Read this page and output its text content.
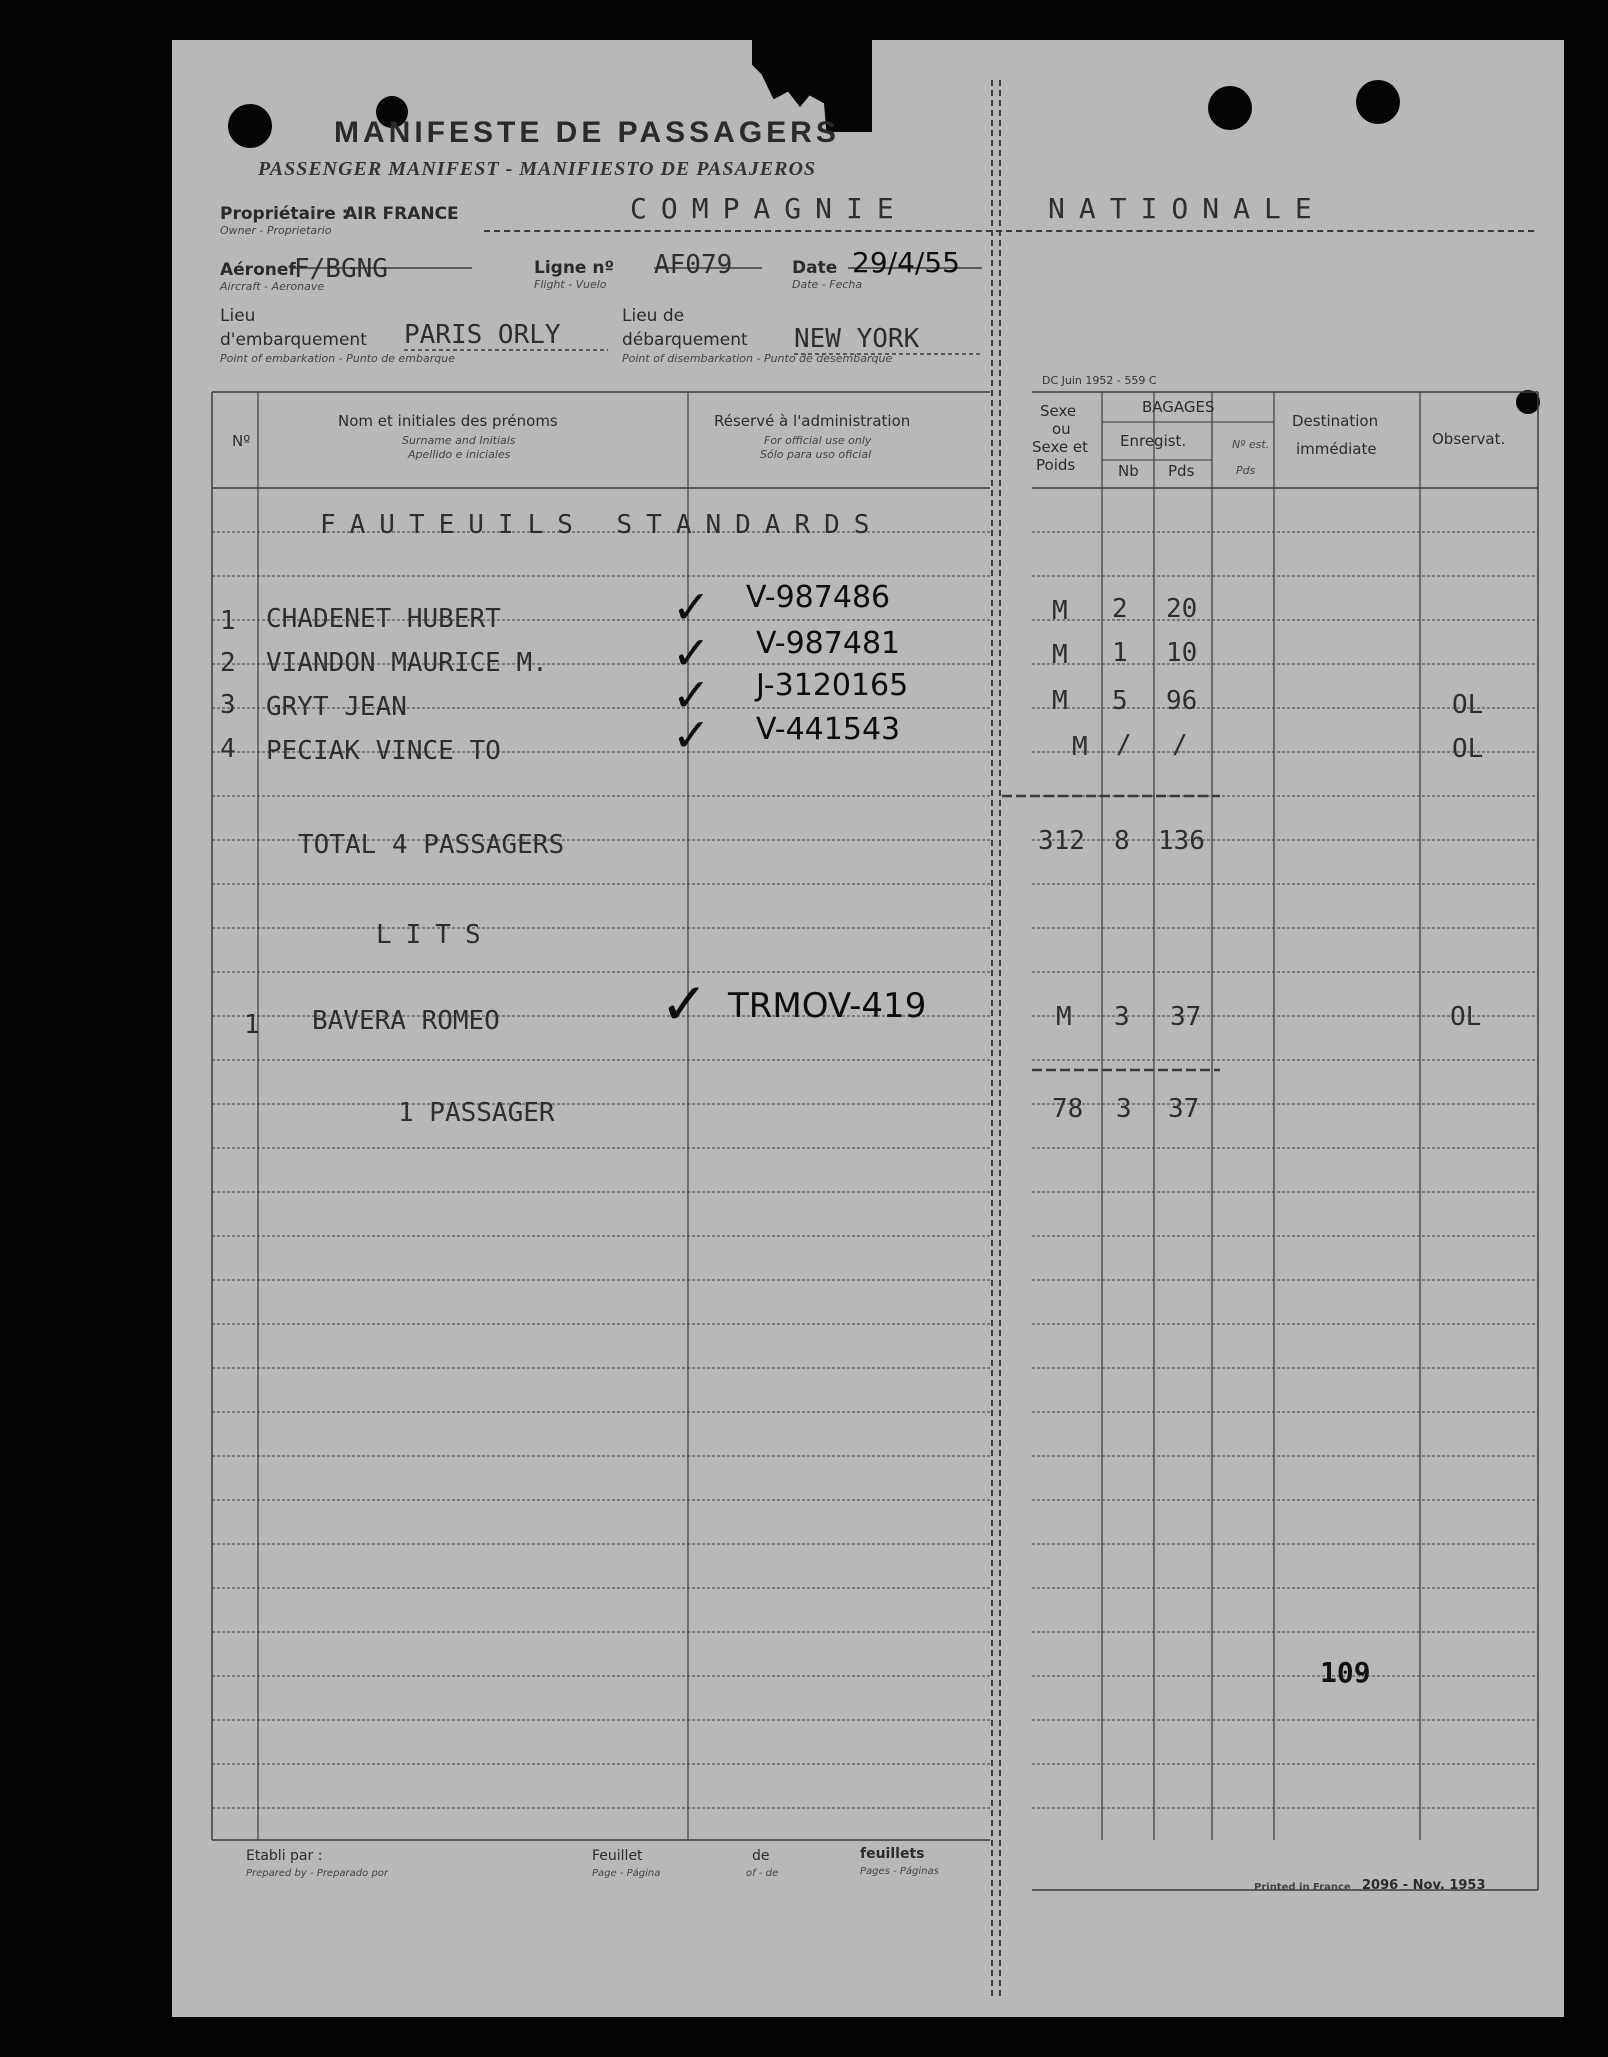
MANIFESTE DE PASSAGERS
PASSENGER MANIFEST - MANIFIESTO DE PASAJEROS
Propriétaire :
Owner - Proprietario
AIR FRANCE	COMPAGNIE	NATIONALE
Aéronef
Aircraft - Aeronave
F/BGNG	Ligne nº
Flight - Vuelo
AF079	Date
Date - Fecha
29/4/55
Lieu
d'embarquement
Point of embarkation - Punto de embarque
PARIS ORLY
Lieu de
débarquement
Point of disembarkation - Punto de desembarque
NEW YORK
DC Juin 1952 - 559 C
Nº
Nom et initiales des prénoms
Surname and Initials
Apellido e iniciales
Réservé à l'administration
For official use only
Sólo para uso oficial
Sexe
ou
Sexe et
Poids
BAGAGES
Enregist.
Nb Pds
Nº est.
Pds
Destination
immédiate
Observat.
FAUTEUILS STANDARDS
1 CHADENET HUBERT	✓ V-987486	M 2 20
2 VIANDON MAURICE M.	✓ V-987481	M 1 10
3 GRYT JEAN	✓ J-3120165	M 5 96	OL
4 PECIAK VINCE TO	✓ V-441543	M / /	OL
TOTAL 4 PASSAGERS	312 8 136
LITS
1 BAVERA ROMEO	✓ TRMOV-419	M 3 37	OL
1 PASSAGER	78 3 37
109
Etabli par :
Prepared by - Preparado por
Feuillet
Page - Página
de
of - de
feuillets
Pages - Páginas
Printed in France 2096 - Nov. 1953
